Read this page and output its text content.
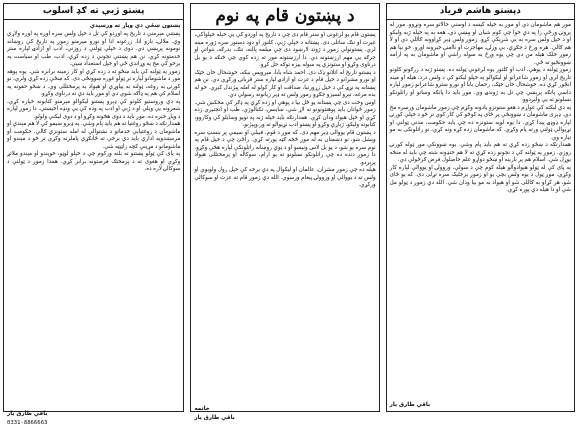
دپښتو هاشم فرياد

موږ هم ماشومان دي او موږ به خپله کيسه د اوسني حالاتو سره ونړوو. موږ له پرونۍ ورځې را په دې خوا چې کوم شيان او پېښې دي، هغه به په خپله ژبه وليکو او د خپل ولس سره به يې شريکې کړو. زموږ ولس ډېر کړاوونه ګاللي دي او لا هم ګالي. هره ورځ د جګړې، بې وزلۍ، مهاجرت او ناامنۍ خبرونه اورو. خو بيا هم زموږ خلک هيله من دي چې يوه ورځ به سوله راشي او ماشومان به په ارامه ښوونځيو ته ځي.

زموږ ټولنه د پوهې، ادب او کلتور يوه لرغونې ټولنه ده. پښتو ژبه د زرګونو کلونو تاريخ لري او زموږ شاعرانو او ليکوالو په خپلو ليکنو کې د ولس درد، هيله او مينه انځور کړې ده. خوشحال خان خټک، رحمان بابا او نورو سترو شاعرانو زموږ لپاره داسې پانګه پرېښې چې تل به ژوندۍ وي. موږ بايد دا پانګه وساتو او راتلونکو نسلونو ته يې ولېږدوو.

په دې ليکنه کې غواړم د هغو ستونزو يادونه وکړم چې زموږ ماشومان ورسره مخ دي. ډېری ماشومان د ښوونځي پر ځای په کوڅو کې کار کوي تر څو د خپلې کورنۍ لپاره ډوډۍ پيدا کړي. دا يوه لويه ستونزه ده چې بايد حکومت، مدني ټولنې او نړيوالې ټولنې ورته پام وکړي. که ماشومان زده کړه ونه کړي، نو راتلونکی به مو تياره وي.

همدارنګه د ښځو زده کړې ته هم بايد پام وشي. يوه ښوونکې مور ټوله کورنۍ روزي. زموږ په ټولنه کې د نجونو زده کړې ته لا هم خنډونه شته چې بايد له منځه يوړل شي. اسلام هم پر نارينه او ښځو دواړو علم حاصلول فرض ګرځولي دي.

په پای کې له ټولو هېوادوالو هيله کوم چې د سولې، وروولۍ او يووالي لپاره کار وکړي. موږ ټول د يوه ولس بچي يو او زموږ برخليک سره تړلی دی. که يو ځای شو، هر کړاو به ګاللی شو او هېواد به مو بيا ودان شي. الله دې زموږ د ټولو مل شي او دا هيله دې پوره کړي.

باقي طارق يار
د پښتون قام په نوم

پښتون قام يو لرغونی او ستر قام دی چې د تاريخ په اوږدو کې يې خپله خپلواکي، غيرت او ننګ ساتلی دی. پښتانه د خپلې ژبې، کلتور او دود دستور سره ژوره مينه لري. پښتونولي زموږ د ژوند لارښود دی چې ميلمه پالنه، ننګ، بدرګه، ننواتې او جرګه يې مهم ارزښتونه دي. دا ارزښتونه موږ ته زده کوي چې څنګه د يو بل درناوی وکړو او ستونزې په سوله ييزه توګه حل کړو.

د پښتنو تاريخ له اتلانو ډک دی. احمد شاه بابا، ميرويس نيکه، خوشحال خان خټک او نورو مشرانو د خپل قام د عزت او ازادۍ لپاره ستر قربانۍ ورکړي دي. نن هم پښتانه په نړۍ کې د خپل زړورتيا، صداقت او کار کولو له امله پېژندل کېږي. خو له بده مرغه، تېرو لسيزو جګړو زموږ ولس ته ډېر زيانونه رسولي دي.

اوس وخت دی چې پښتانه يو ځل بيا د پوهې او زده کړې په ډګر کې مخکښ شي. زموږ ځوانان بايد پوهنتونونو ته لاړ شي، ساينس، تکنالوژي، طب او انجنيري زده کړي او خپل هېواد ودان کړي. همدارنګه بايد خپله ژبه په نويو وسايلو کې وکاروو، کتابونه وليکو، ژباړې وکړو او پښتو ادب نړيوالو ته ور وپېژنو.

د پښتون قام يووالی ډېر مهم دی. که موږ د قوم، قبيلې او سيمې پر بنسټ سره وېشل شو، نو دښمنان به له موږ څخه ګټه پورته کړي. راځئ چې د خپل قام په نوم سره يو شو، د يو بل لاس ونيسو او د يوې روښانه راتلونکې لپاره هڅې وکړو. دا زموږ دنده ده چې راتلونکو نسلونو ته يو ارام، سوکاله او پرمختللی هېواد پرېږدو.

هيله ده چې زموږ مشران، عالمان او ليکوال په دې برخه کې خپل رول ولوبوي او ولس ته د يووالي او وروولۍ پيغام ورسوي. الله دې زموږ قام ته عزت او سوکالي ورکړي.

خاتمه
باقي طارق يار
پښتو ژبې ته ګډ اسلوب
پښتون ښځې دې وياړ ته ورسېدې

پښتنې مېرمنې د تاريخ په اوږدو کې تل د خپل ولس سره اوږه په اوږه ولاړې وې. ملالۍ، نازو انا، زرغونه انا او نورو ميرمنو زموږ په تاريخ کې روښانه نومونه پرېښي دي. دوی د خپلې ټولنې د روزنې، ادب او ازادۍ لپاره ستر خدمتونه کړي. نن هم پښتنې نجونې د زده کړې، ادب، طب او سياست په برخو کې مخ په وړاندې ځي او خپل استعداد ښيي.

زموږ په ټولنه کې بايد ښځو ته د زده کړې او کار زمينه برابره شي. يوه پوهه مور د ماشومانو لپاره تر ټولو غوره ښوونځی دی. که ښځې زده کړې ولري، نو کورنۍ به روغه، ټولنه به پياوړې او هېواد به پرمختللی وي. د ښځو حقونه په اسلام کې هم په ډاګه شوي دي او موږ بايد دې ته درناوی وکړو.

په دې وروستيو کلونو کې ډېرو پښتنو ليکوالو مېرمنو کتابونه خپاره کړي، شعرونه يې ويلي او د ژبې او ادب په وده کې يې ونډه اخيستې. دا زموږ لپاره د وياړ خبره ده. موږ بايد د دوی هڅونه وکړو او د دوی ليکنې ولولو.

همدارنګه د ښځو روغتيا ته هم بايد پام وشي. په ډېرو سيمو کې لا هم مېندې او ماشومان د روغتيايي خدماتو د نشتوالي له امله ستونزې ګالي. حکومت او مرستندويه ادارې بايد دې برخې ته ځانګړې پاملرنه وکړي تر څو د مېندو او ماشومانو د مړينې کچه راټيټه شي.

په پای کې ټولو پښتنو ته بلنه ورکوم چې د خپلو لوڼو، خويندو او مېندو ملاتړ وکړي او هغوی ته د پرمختګ فرصتونه برابر کړي. همدا زموږ د ټولنې د سوکالۍ لاره ده.

باقي طارق يار
0331-8866663
